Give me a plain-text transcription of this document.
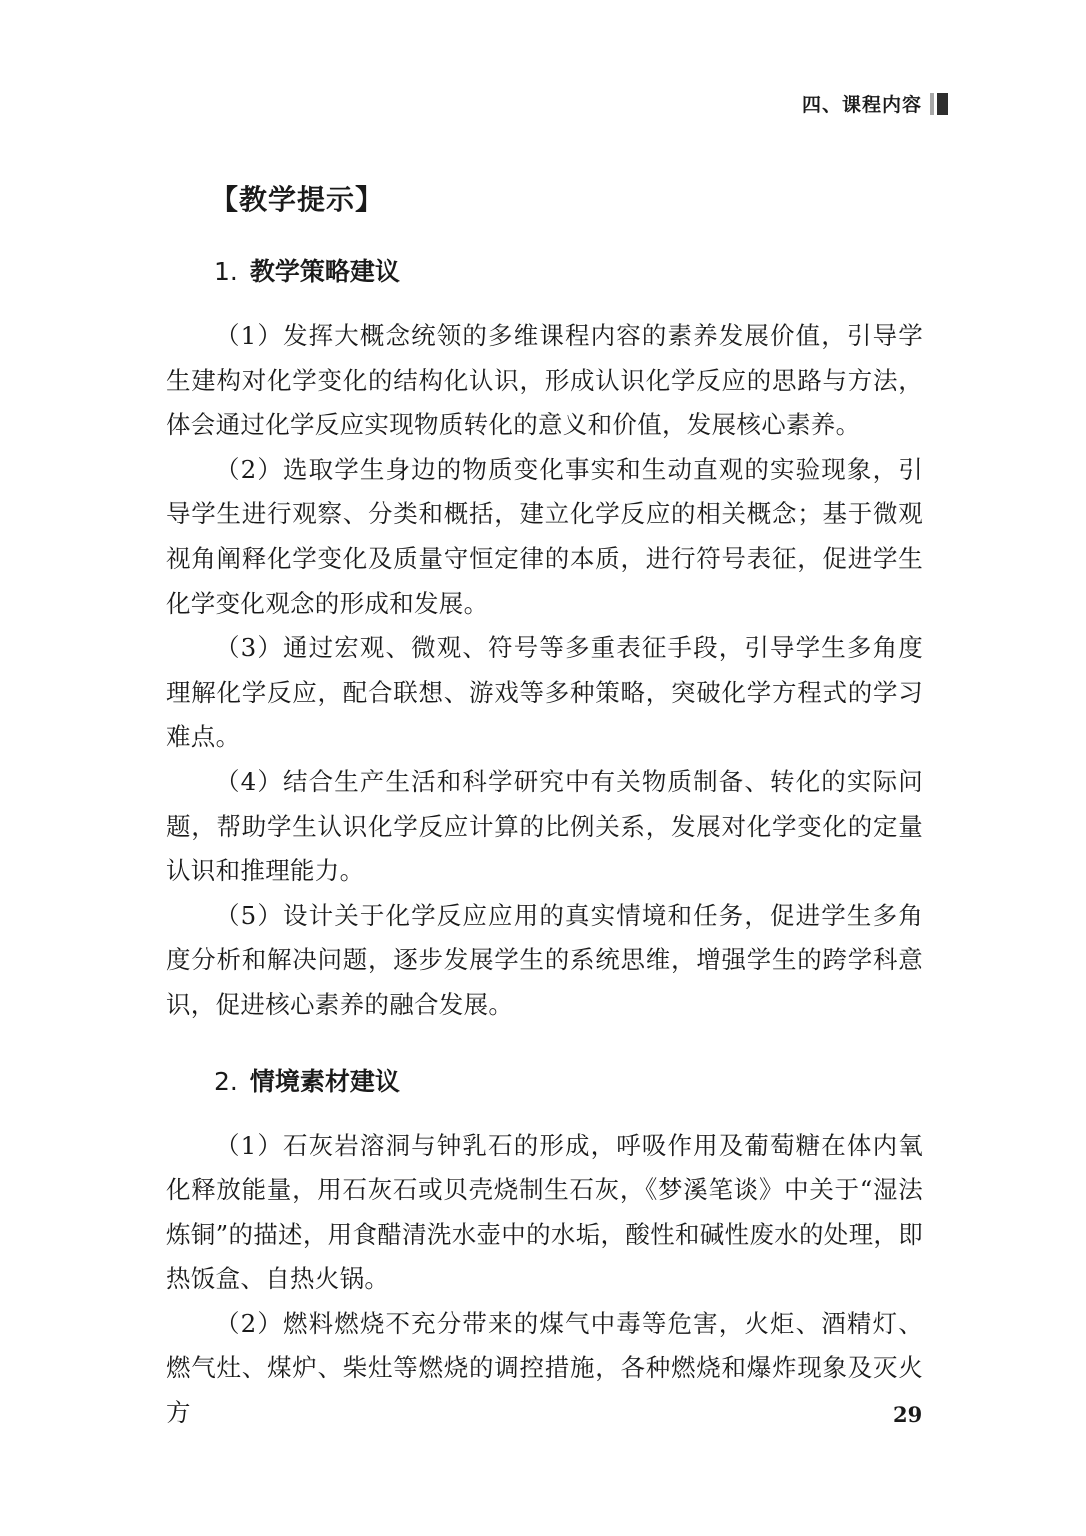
四、课程内容
【教学提示】
1. 教学策略建议

（1）发挥大概念统领的多维课程内容的素养发展价值，引导学生建构对化学变化的结构化认识，形成认识化学反应的思路与方法，体会通过化学反应实现物质转化的意义和价值，发展核心素养。

（2）选取学生身边的物质变化事实和生动直观的实验现象，引导学生进行观察、分类和概括，建立化学反应的相关概念；基于微观视角阐释化学变化及质量守恒定律的本质，进行符号表征，促进学生化学变化观念的形成和发展。

（3）通过宏观、微观、符号等多重表征手段，引导学生多角度理解化学反应，配合联想、游戏等多种策略，突破化学方程式的学习难点。

（4）结合生产生活和科学研究中有关物质制备、转化的实际问题，帮助学生认识化学反应计算的比例关系，发展对化学变化的定量认识和推理能力。

（5）设计关于化学反应应用的真实情境和任务，促进学生多角度分析和解决问题，逐步发展学生的系统思维，增强学生的跨学科意识，促进核心素养的融合发展。

2. 情境素材建议

（1）石灰岩溶洞与钟乳石的形成，呼吸作用及葡萄糖在体内氧化释放能量，用石灰石或贝壳烧制生石灰，《梦溪笔谈》中关于“湿法炼铜”的描述，用食醋清洗水壶中的水垢，酸性和碱性废水的处理，即热饭盒、自热火锅。

（2）燃料燃烧不充分带来的煤气中毒等危害，火炬、酒精灯、燃气灶、煤炉、柴灶等燃烧的调控措施，各种燃烧和爆炸现象及灭火方	29
